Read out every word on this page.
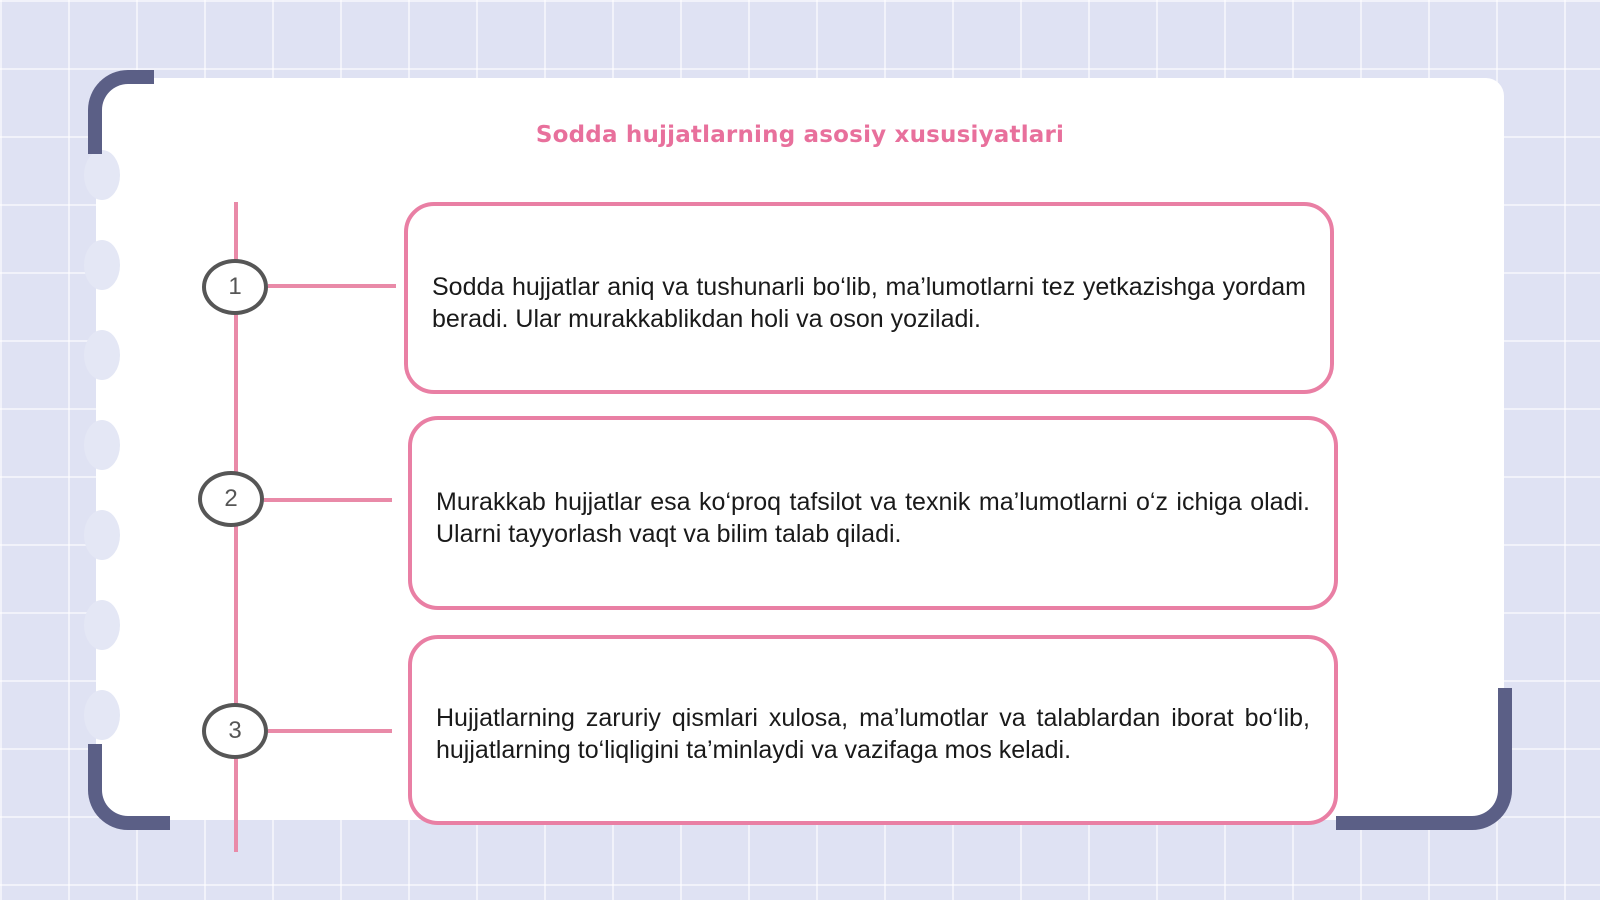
Sodda hujjatlarning asosiy xususiyatlari
1	Sodda hujjatlar aniq va tushunarli bo‘lib, ma’lumotlarni tez yetkazishga yordam beradi. Ular murakkablikdan holi va oson yoziladi.

2	Murakkab hujjatlar esa ko‘proq tafsilot va texnik ma’lumotlarni o‘z ichiga oladi. Ularni tayyorlash vaqt va bilim talab qiladi.

3	Hujjatlarning zaruriy qismlari xulosa, ma’lumotlar va talablardan iborat bo‘lib, hujjatlarning to‘liqligini ta’minlaydi va vazifaga mos keladi.
